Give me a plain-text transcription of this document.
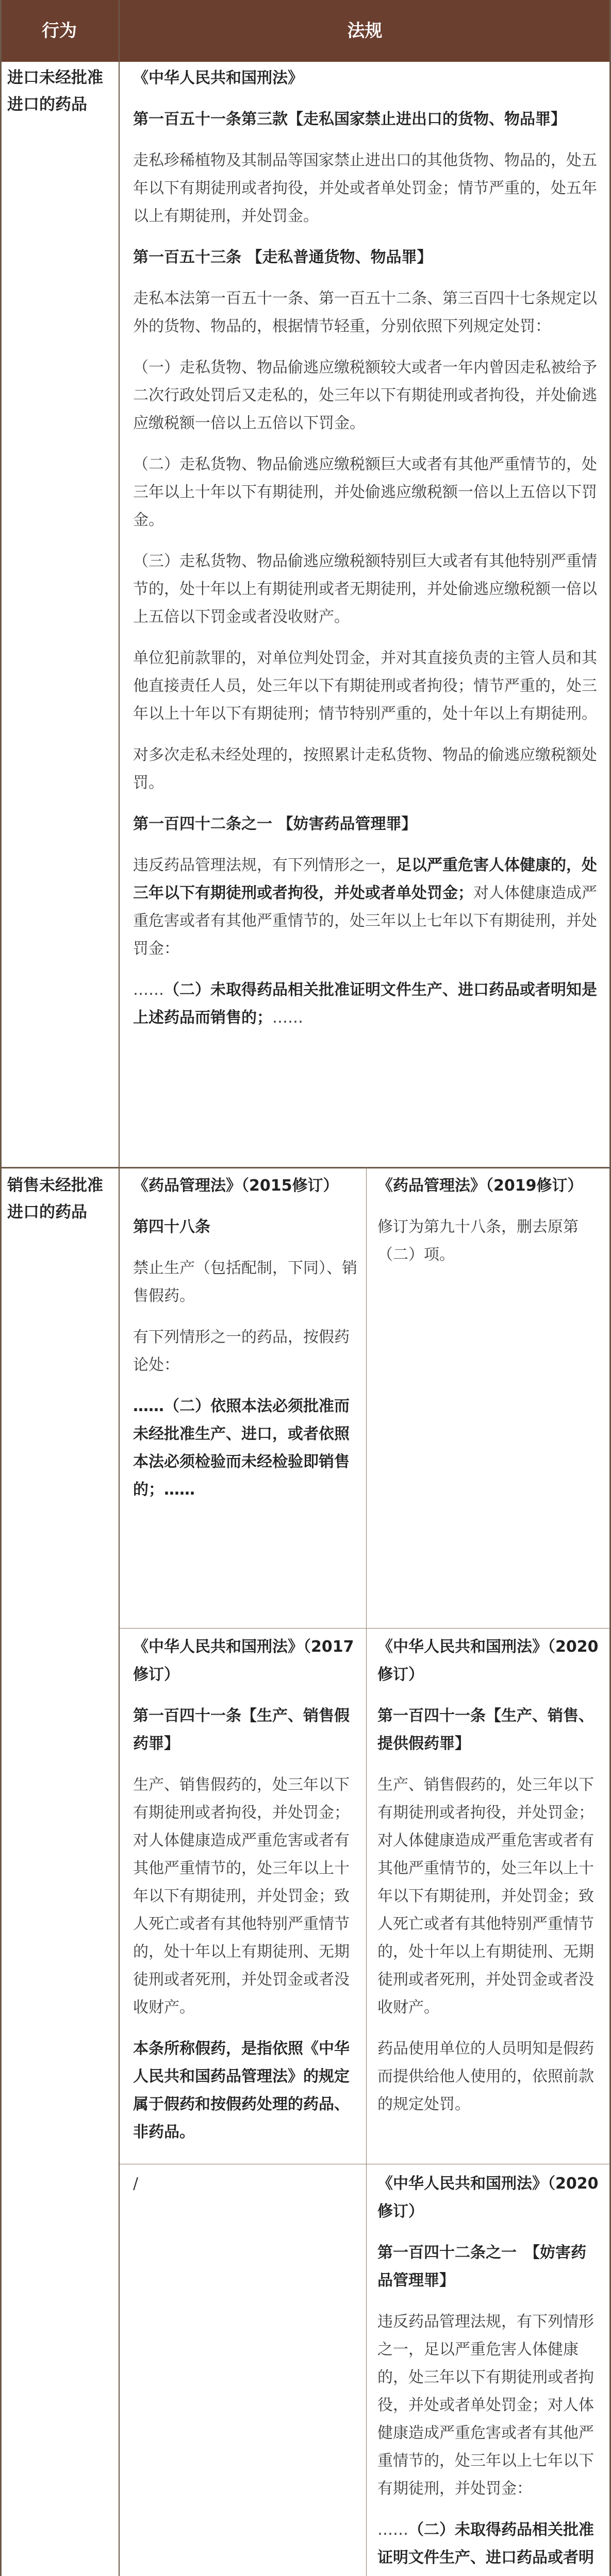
行为	法规
进口未经批准进口的药品

《中华人民共和国刑法》

第一百五十一条第三款【走私国家禁止进出口的货物、物品罪】

走私珍稀植物及其制品等国家禁止进出口的其他货物、物品的，处五年以下有期徒刑或者拘役，并处或者单处罚金；情节严重的，处五年以上有期徒刑，并处罚金。

第一百五十三条 【走私普通货物、物品罪】

走私本法第一百五十一条、第一百五十二条、第三百四十七条规定以外的货物、物品的，根据情节轻重，分别依照下列规定处罚：

（一）走私货物、物品偷逃应缴税额较大或者一年内曾因走私被给予二次行政处罚后又走私的，处三年以下有期徒刑或者拘役，并处偷逃应缴税额一倍以上五倍以下罚金。

（二）走私货物、物品偷逃应缴税额巨大或者有其他严重情节的，处三年以上十年以下有期徒刑，并处偷逃应缴税额一倍以上五倍以下罚金。

（三）走私货物、物品偷逃应缴税额特别巨大或者有其他特别严重情节的，处十年以上有期徒刑或者无期徒刑，并处偷逃应缴税额一倍以上五倍以下罚金或者没收财产。

单位犯前款罪的，对单位判处罚金，并对其直接负责的主管人员和其他直接责任人员，处三年以下有期徒刑或者拘役；情节严重的，处三年以上十年以下有期徒刑；情节特别严重的，处十年以上有期徒刑。

对多次走私未经处理的，按照累计走私货物、物品的偷逃应缴税额处罚。

第一百四十二条之一 【妨害药品管理罪】

违反药品管理法规，有下列情形之一，足以严重危害人体健康的，处三年以下有期徒刑或者拘役，并处或者单处罚金；对人体健康造成严重危害或者有其他严重情节的，处三年以上七年以下有期徒刑，并处罚金：

……（二）未取得药品相关批准证明文件生产、进口药品或者明知是上述药品而销售的；……

销售未经批准进口的药品

《药品管理法》（2015修订）

第四十八条

禁止生产（包括配制，下同）、销售假药。

有下列情形之一的药品，按假药论处：

……（二）依照本法必须批准而未经批准生产、进口，或者依照本法必须检验而未经检验即销售的；……

《药品管理法》（2019修订）

修订为第九十八条，删去原第（二）项。

《中华人民共和国刑法》（2017修订）

第一百四十一条【生产、销售假药罪】

生产、销售假药的，处三年以下有期徒刑或者拘役，并处罚金；对人体健康造成严重危害或者有其他严重情节的，处三年以上十年以下有期徒刑，并处罚金；致人死亡或者有其他特别严重情节的，处十年以上有期徒刑、无期徒刑或者死刑，并处罚金或者没收财产。

本条所称假药，是指依照《中华人民共和国药品管理法》的规定属于假药和按假药处理的药品、非药品。

《中华人民共和国刑法》（2020修订）

第一百四十一条【生产、销售、提供假药罪】

生产、销售假药的，处三年以下有期徒刑或者拘役，并处罚金；对人体健康造成严重危害或者有其他严重情节的，处三年以上十年以下有期徒刑，并处罚金；致人死亡或者有其他特别严重情节的，处十年以上有期徒刑、无期徒刑或者死刑，并处罚金或者没收财产。

药品使用单位的人员明知是假药而提供给他人使用的，依照前款的规定处罚。

/	《中华人民共和国刑法》（2020修订）

第一百四十二条之一　【妨害药品管理罪】

违反药品管理法规，有下列情形之一，足以严重危害人体健康的，处三年以下有期徒刑或者拘役，并处或者单处罚金；对人体健康造成严重危害或者有其他严重情节的，处三年以上七年以下有期徒刑，并处罚金：

……（二）未取得药品相关批准证明文件生产、进口药品或者明
